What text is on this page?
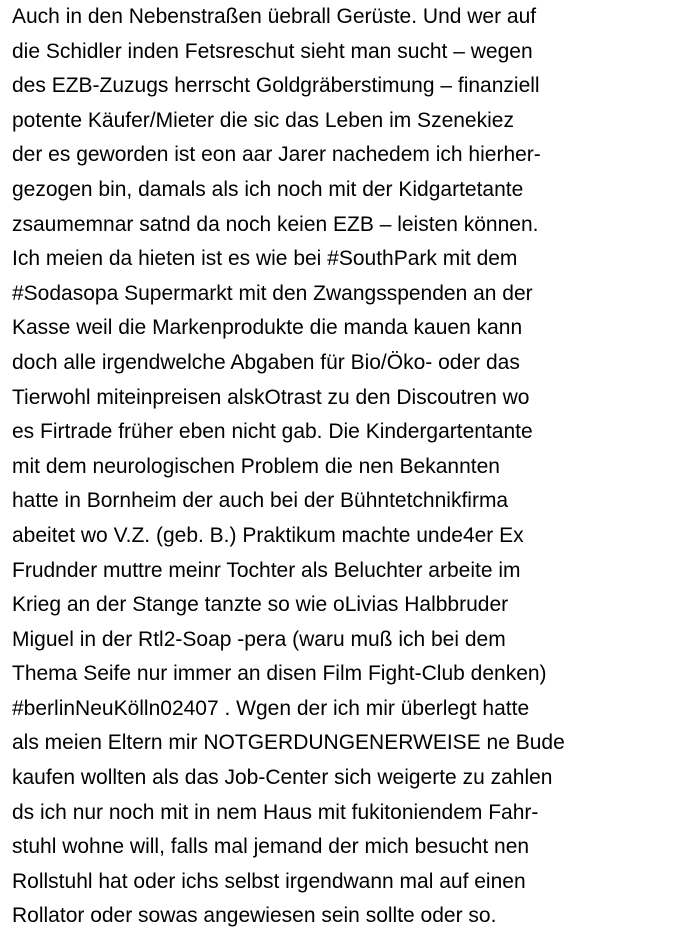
Auch in den Nebenstraßen üebrall Gerüste. Und wer auf
die Schidler inden Fetsreschut sieht man sucht – wegen
des EZB-Zuzugs herrscht Goldgräberstimung – finanziell
potente Käufer/Mieter die sic das Leben im Szenekiez
der es geworden ist eon aar Jarer nachedem ich hierher-
gezogen bin, damals als ich noch mit der Kidgartetante
zsaumemnar satnd da noch keien EZB – leisten können.
Ich meien da hieten ist es wie bei #SouthPark mit dem
#Sodasopa Supermarkt mit den Zwangsspenden an der
Kasse weil die Markenprodukte die manda kauen kann
doch alle irgendwelche Abgaben für Bio/Öko- oder das
Tierwohl miteinpreisen alskOtrast zu den Discoutren wo
es Firtrade früher eben nicht gab. Die Kindergartentante
mit dem neurologischen Problem die nen Bekannten
hatte in Bornheim der auch bei der Bühntetchnikfirma
abeitet wo V.Z. (geb. B.) Praktikum machte unde4er Ex
Frudnder muttre meinr Tochter als Beluchter arbeite im
Krieg an der Stange tanzte so wie oLivias Halbbruder
Miguel in der Rtl2-Soap -pera (waru muß ich bei dem
Thema Seife nur immer an disen Film Fight-Club denken)
#berlinNeuKölln02407 . Wgen der ich mir überlegt hatte
als meien Eltern mir NOTGERDUNGENERWEISE ne Bude
kaufen wollten als das Job-Center sich weigerte zu zahlen
ds ich nur noch mit in nem Haus mit fukitoniendem Fahr-
stuhl wohne will, falls mal jemand der mich besucht nen
Rollstuhl hat oder ichs selbst irgendwann mal auf einen
Rollator oder sowas angewiesen sein sollte oder so.
